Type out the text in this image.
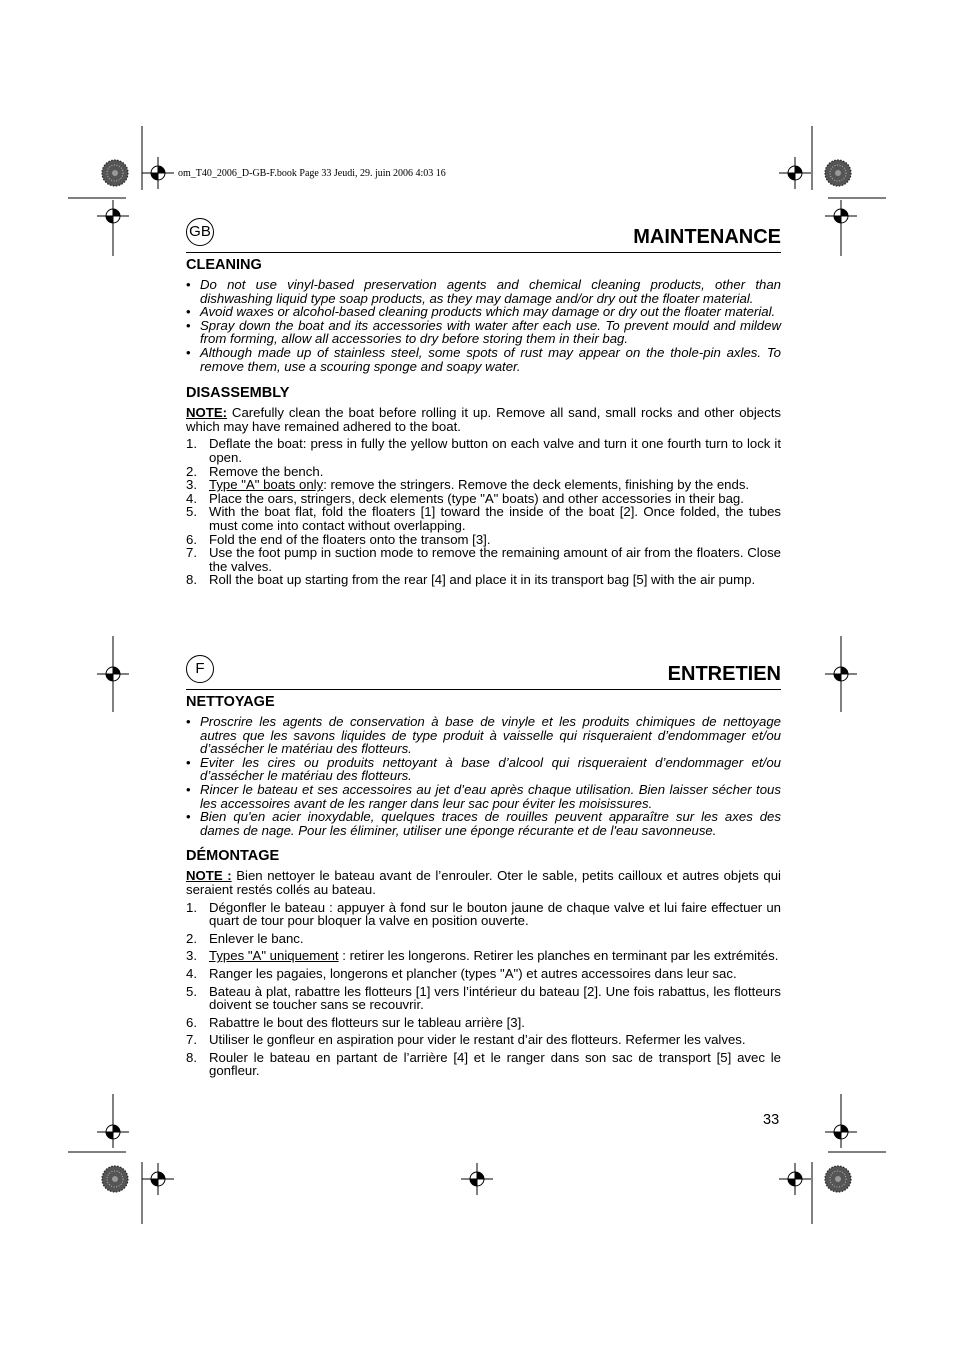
om_T40_2006_D-GB-F.book Page 33 Jeudi, 29. juin 2006 4:03 16
GB	MAINTENANCE
CLEANING
• Do not use vinyl-based preservation agents and chemical cleaning products, other than dishwashing liquid type soap products, as they may damage and/or dry out the floater material.
• Avoid waxes or alcohol-based cleaning products which may damage or dry out the floater material.
• Spray down the boat and its accessories with water after each use. To prevent mould and mildew from forming, allow all accessories to dry before storing them in their bag.
• Although made up of stainless steel, some spots of rust may appear on the thole-pin axles. To remove them, use a scouring sponge and soapy water.
DISASSEMBLY

NOTE: Carefully clean the boat before rolling it up. Remove all sand, small rocks and other objects which may have remained adhered to the boat.

1. Deflate the boat: press in fully the yellow button on each valve and turn it one fourth turn to lock it open.
2. Remove the bench.
3. Type "A" boats only: remove the stringers. Remove the deck elements, finishing by the ends.
4. Place the oars, stringers, deck elements (type "A" boats) and other accessories in their bag.
5. With the boat flat, fold the floaters [1] toward the inside of the boat [2]. Once folded, the tubes must come into contact without overlapping.
6. Fold the end of the floaters onto the transom [3].
7. Use the foot pump in suction mode to remove the remaining amount of air from the floaters. Close the valves.
8. Roll the boat up starting from the rear [4] and place it in its transport bag [5] with the air pump.
F	ENTRETIEN
NETTOYAGE
• Proscrire les agents de conservation à base de vinyle et les produits chimiques de nettoyage autres que les savons liquides de type produit à vaisselle qui risqueraient d’endommager et/ou d’assécher le matériau des flotteurs.
• Eviter les cires ou produits nettoyant à base d’alcool qui risqueraient d’endommager et/ou d’assécher le matériau des flotteurs.
• Rincer le bateau et ses accessoires au jet d’eau après chaque utilisation. Bien laisser sécher tous les accessoires avant de les ranger dans leur sac pour éviter les moisissures.
• Bien qu'en acier inoxydable, quelques traces de rouilles peuvent apparaître sur les axes des dames de nage. Pour les éliminer, utiliser une éponge récurante et de l'eau savonneuse.
DÉMONTAGE

NOTE : Bien nettoyer le bateau avant de l’enrouler. Oter le sable, petits cailloux et autres objets qui seraient restés collés au bateau.

1. Dégonfler le bateau : appuyer à fond sur le bouton jaune de chaque valve et lui faire effectuer un quart de tour pour bloquer la valve en position ouverte.
2. Enlever le banc.
3. Types "A" uniquement : retirer les longerons. Retirer les planches en terminant par les extrémités.
4. Ranger les pagaies, longerons et plancher (types "A") et autres accessoires dans leur sac.
5. Bateau à plat, rabattre les flotteurs [1] vers l’intérieur du bateau [2]. Une fois rabattus, les flotteurs doivent se toucher sans se recouvrir.
6. Rabattre le bout des flotteurs sur le tableau arrière [3].
7. Utiliser le gonfleur en aspiration pour vider le restant d’air des flotteurs. Refermer les valves.
8. Rouler le bateau en partant de l’arrière [4] et le ranger dans son sac de transport [5] avec le gonfleur.
33
